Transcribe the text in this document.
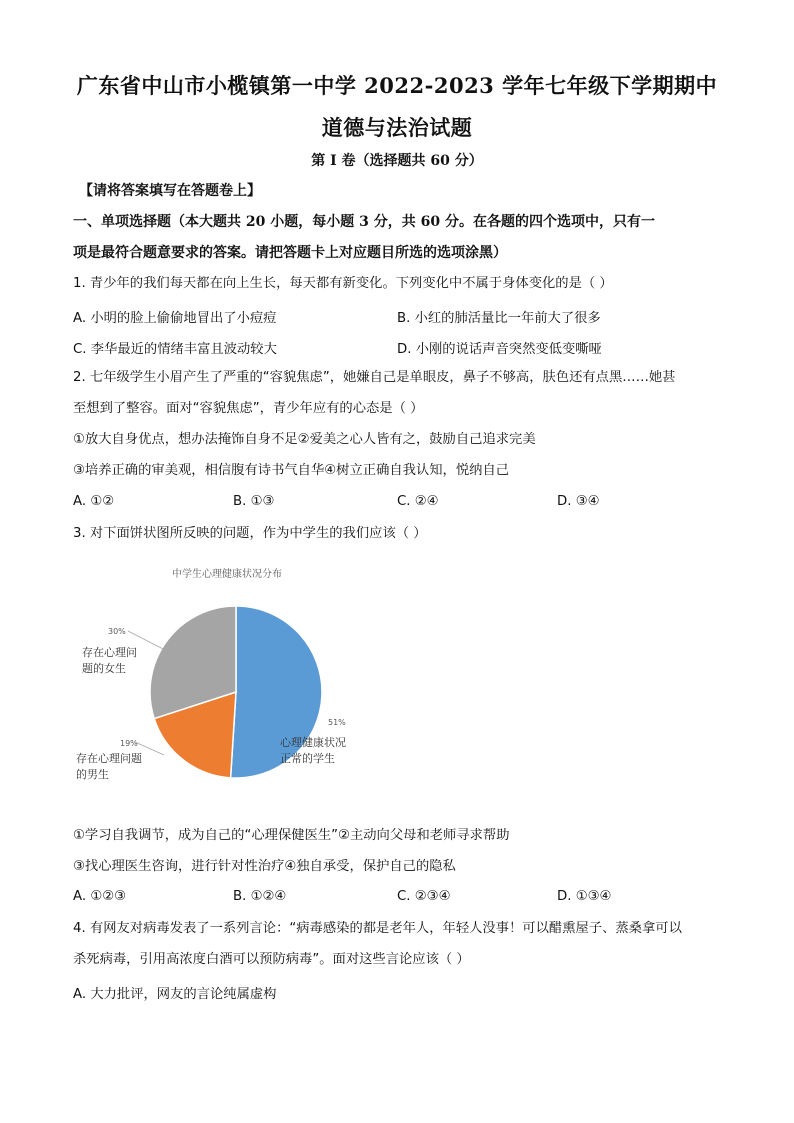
广东省中山市小榄镇第一中学 2022-2023 学年七年级下学期期中
道德与法治试题
第 I 卷（选择题共 60 分）
【请将答案填写在答题卷上】
一、单项选择题（本大题共 20 小题，每小题 3 分，共 60 分。在各题的四个选项中，只有一
项是最符合题意要求的答案。请把答题卡上对应题目所选的选项涂黑）
1. 青少年的我们每天都在向上生长，每天都有新变化。下列变化中不属于身体变化的是（ ）
A. 小明的脸上偷偷地冒出了小痘痘	B. 小红的肺活量比一年前大了很多
C. 李华最近的情绪丰富且波动较大	D. 小刚的说话声音突然变低变嘶哑
2. 七年级学生小眉产生了严重的“容貌焦虑”，她嫌自己是单眼皮，鼻子不够高，肤色还有点黑……她甚
至想到了整容。面对“容貌焦虑”，青少年应有的心态是（ ）
①放大自身优点，想办法掩饰自身不足②爱美之心人皆有之，鼓励自己追求完美
③培养正确的审美观，相信腹有诗书气自华④树立正确自我认知，悦纳自己
A. ①②	B. ①③	C. ②④	D. ③④
3. 对下面饼状图所反映的问题，作为中学生的我们应该（ ）
中学生心理健康状况分布
51%
心理健康状况
正常的学生
19%
存在心理问题
的男生
30%
存在心理问
题的女生
①学习自我调节，成为自己的“心理保健医生”②主动向父母和老师寻求帮助
③找心理医生咨询，进行针对性治疗④独自承受，保护自己的隐私
A. ①②③	B. ①②④	C. ②③④	D. ①③④
4. 有网友对病毒发表了一系列言论：“病毒感染的都是老年人，年轻人没事！可以醋熏屋子、蒸桑拿可以
杀死病毒，引用高浓度白酒可以预防病毒”。面对这些言论应该（ ）
A. 大力批评，网友的言论纯属虚构
